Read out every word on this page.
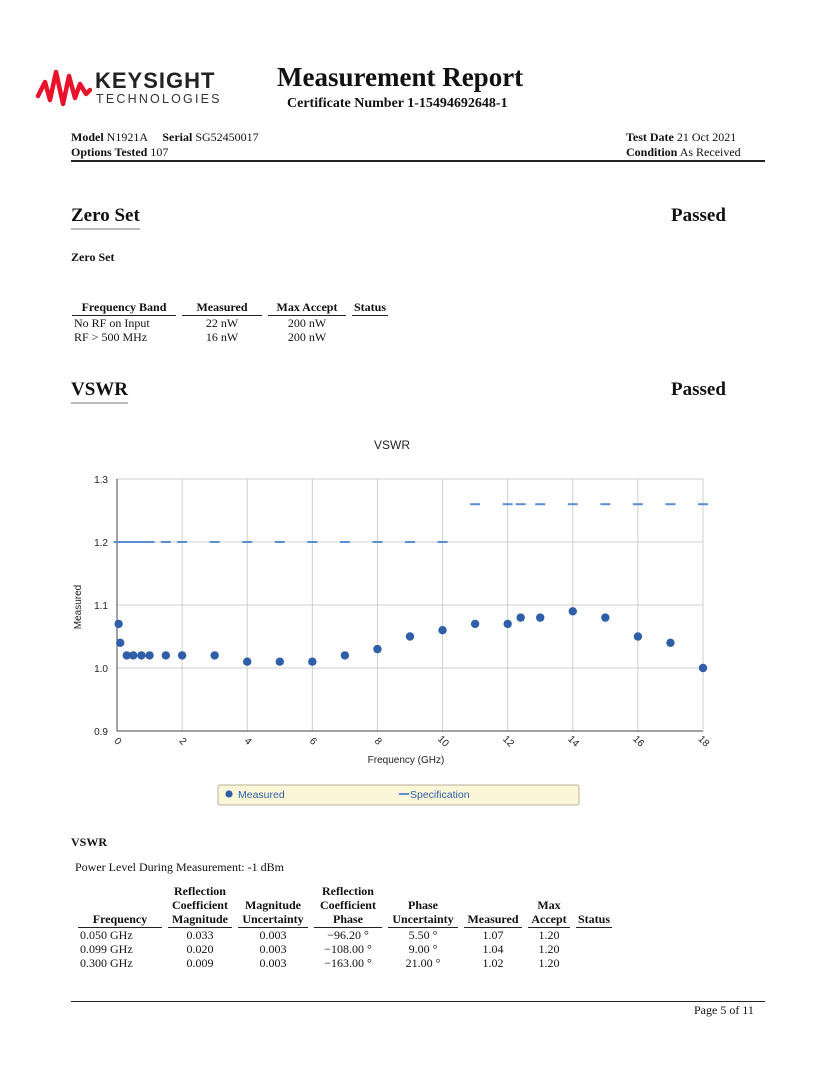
KEYSIGHT
TECHNOLOGIES
Measurement Report
Certificate Number 1-15494692648-1
Model N1921A Serial SG52450017
Options Tested 107
Test Date 21 Oct 2021
Condition As Received
Zero Set	Passed
Zero Set
Frequency Band	Measured	Max Accept	Status
No RF on Input	22 nW	200 nW	
RF > 500 MHz	16 nW	200 nW	
VSWR	Passed
VSWR
0	2	4	6	8	10	12	14	16	18
0.9
1.0
1.1
1.2
1.3
Frequency (GHz)
Measured
Measured	Specification
VSWR
Power Level During Measurement: -1 dBm
Frequency	Reflection Coefficient Magnitude	Magnitude Uncertainty	Reflection Coefficient Phase	Phase Uncertainty	Measured	Max Accept	Status
0.050 GHz	0.033	0.003	−96.20 °	5.50 °	1.07	1.20	
0.099 GHz	0.020	0.003	−108.00 °	9.00 °	1.04	1.20	
0.300 GHz	0.009	0.003	−163.00 °	21.00 °	1.02	1.20	
Page 5 of 11
